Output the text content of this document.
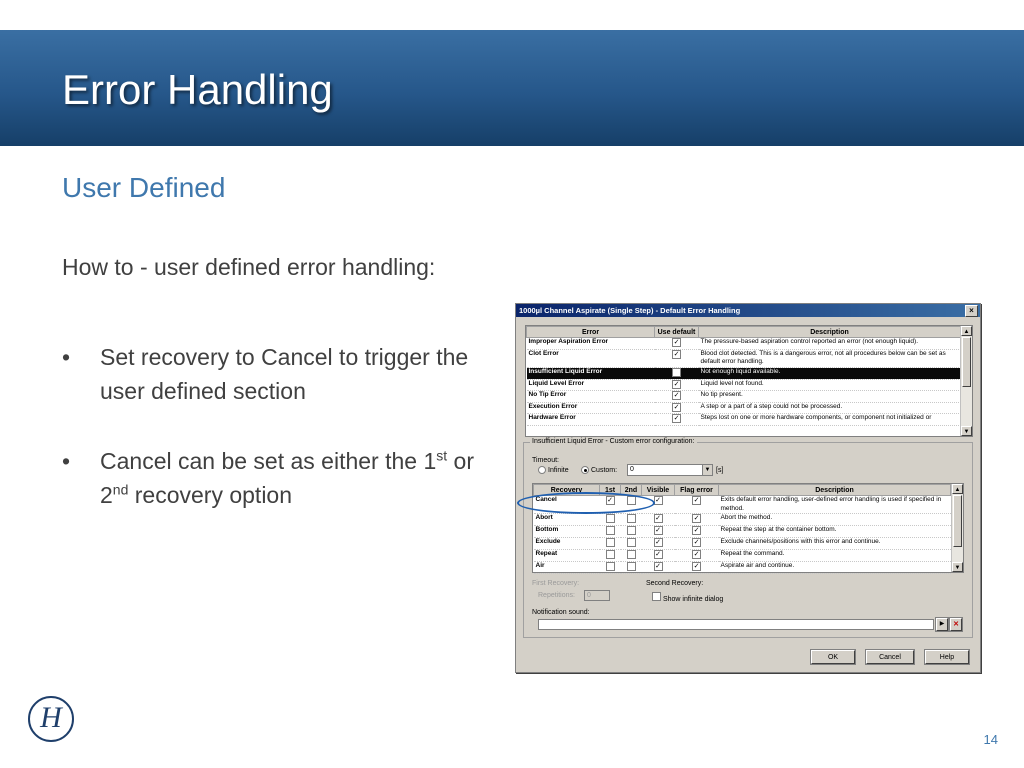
Error Handling
User Defined
How to - user defined error handling:
• Set recovery to Cancel to trigger the user defined section
• Cancel can be set as either the 1st or 2nd recovery option
1000µl Channel Aspirate (Single Step) - Default Error Handling	×
Error	Use default	Description
Improper Aspiration Error	✓	The pressure-based aspiration control reported an error (not enough liquid).
Clot Error	✓	Blood clot detected. This is a dangerous error, not all procedures below can be set as default error handling.
Insufficient Liquid Error		Not enough liquid available.
Liquid Level Error	✓	Liquid level not found.
No Tip Error	✓	No tip present.
Execution Error	✓	A step or a part of a step could not be processed.
Hardware Error	✓	Steps lost on one or more hardware components, or component not initialized or
▲
▼
Insufficient Liquid Error - Custom error configuration:
Timeout:
Infinite	Custom:	0	▼ [s]
Recovery	1st	2nd	Visible	Flag error	Description
Cancel	✓		✓	✓	Exits default error handling, user-defined error handling is used if specified in method.
Abort			✓	✓	Abort the method.
Bottom			✓	✓	Repeat the step at the container bottom.
Exclude			✓	✓	Exclude channels/positions with this error and continue.
Repeat			✓	✓	Repeat the command.
Air			✓	✓	Aspirate air and continue.
▲
▼
First Recovery:
Repetitions:	0
Second Recovery:
Show infinite dialog
Notification sound:
▶	✕
OK	Cancel	Help
H
14
